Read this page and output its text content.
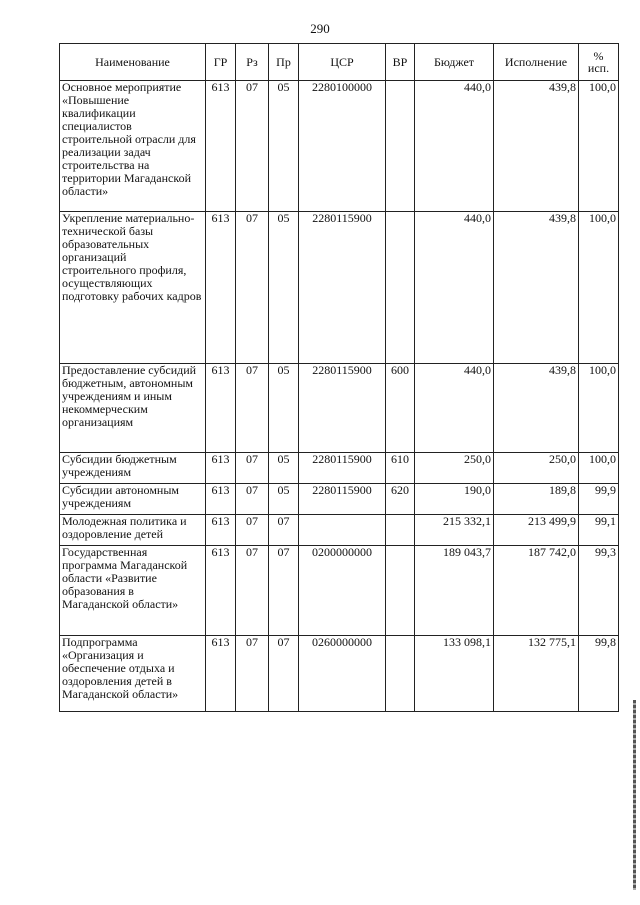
290
Наименование	ГР	Рз	Пр	ЦСР	ВР	Бюджет	Исполнение	%
исп.
Основное мероприятие «Повышение квалификации специалистов строительной отрасли для реализации задач строительства на территории Магаданской области»	613	07	05	2280100000		440,0	439,8	100,0
Укрепление материально-технической базы образовательных организаций строительного профиля, осуществляющих подготовку рабочих кадров	613	07	05	2280115900		440,0	439,8	100,0
Предоставление субсидий бюджетным, автономным учреждениям и иным некоммерческим организациям	613	07	05	2280115900	600	440,0	439,8	100,0
Субсидии бюджетным учреждениям	613	07	05	2280115900	610	250,0	250,0	100,0
Субсидии автономным учреждениям	613	07	05	2280115900	620	190,0	189,8	99,9
Молодежная политика и оздоровление детей	613	07	07			215 332,1	213 499,9	99,1
Государственная программа Магаданской области «Развитие образования в Магаданской области»	613	07	07	0200000000		189 043,7	187 742,0	99,3
Подпрограмма «Организация и обеспечение отдыха и оздоровления детей в Магаданской области»	613	07	07	0260000000		133 098,1	132 775,1	99,8
